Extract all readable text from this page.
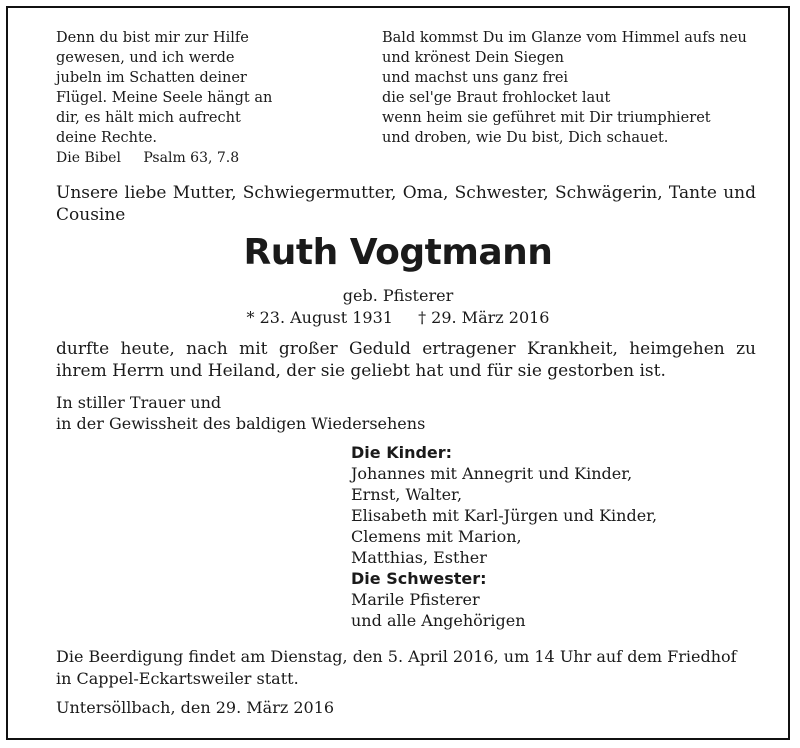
Denn du bist mir zur Hilfe
gewesen, und ich werde
jubeln im Schatten deiner
Flügel. Meine Seele hängt an
dir, es hält mich aufrecht
deine Rechte.
Die Bibel Psalm 63, 7.8
Bald kommst Du im Glanze vom Himmel aufs neu
und krönest Dein Siegen
und machst uns ganz frei
die sel'ge Braut frohlocket laut
wenn heim sie geführet mit Dir triumphieret
und droben, wie Du bist, Dich schauet.
Unsere liebe Mutter, Schwiegermutter, Oma, Schwester, Schwägerin, Tante und Cousine
Ruth Vogtmann
geb. Pfisterer
* 23. August 1931 † 29. März 2016
durfte heute, nach mit großer Geduld ertragener Krankheit, heimgehen zu ihrem Herrn und Heiland, der sie geliebt hat und für sie gestorben ist.
In stiller Trauer und
in der Gewissheit des baldigen Wiedersehens
Die Kinder:
Johannes mit Annegrit und Kinder,
Ernst, Walter,
Elisabeth mit Karl-Jürgen und Kinder,
Clemens mit Marion,
Matthias, Esther
Die Schwester:
Marile Pfisterer
und alle Angehörigen
Die Beerdigung findet am Dienstag, den 5. April 2016, um 14 Uhr auf dem Friedhof in Cappel-Eckartsweiler statt.
Untersöllbach, den 29. März 2016
